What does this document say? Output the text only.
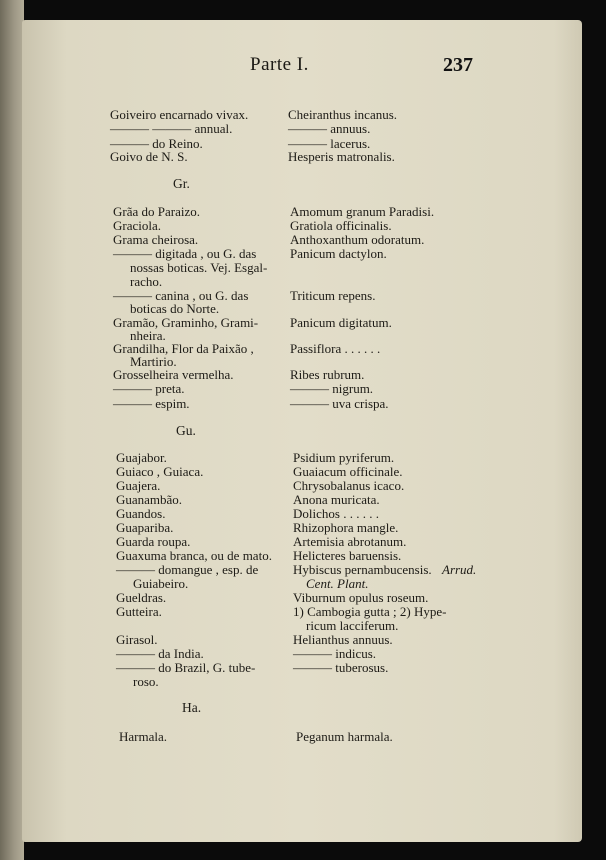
Parte I.	237
Goiveiro encarnado vivax.
——— ——— annual.
——— do Reino.
Goivo de N. S.
Gr.
Grãa do Paraizo.
Graciola.
Grama cheirosa.
——— digitada , ou G. das
nossas boticas. Vej. Esgal-
racho.
——— canina , ou G. das
boticas do Norte.
Gramão, Graminho, Grami-
nheira.
Grandilha, Flor da Paixão ,
Martirio.
Grosselheira vermelha.
——— preta.
——— espim.
Gu.
Guajabor.
Guiaco , Guiaca.
Guajera.
Guanambão.
Guandos.
Guapariba.
Guarda roupa.
Guaxuma branca, ou de mato.
——— domangue , esp. de
Guiabeiro.
Gueldras.
Gutteira.
Girasol.
——— da India.
——— do Brazil, G. tube-
roso.
Ha.
Harmala.
Cheiranthus incanus.
——— annuus.
——— lacerus.
Hesperis matronalis.
Amomum granum Paradisi.
Gratiola officinalis.
Anthoxanthum odoratum.
Panicum dactylon.
Triticum repens.
Panicum digitatum.
Passiflora . . . . . .
Ribes rubrum.
——— nigrum.
——— uva crispa.
Psidium pyriferum.
Guaiacum officinale.
Chrysobalanus icaco.
Anona muricata.
Dolichos . . . . . .
Rhizophora mangle.
Artemisia abrotanum.
Helicteres baruensis.
Hybiscus pernambucensis. Arrud.
Cent. Plant.
Viburnum opulus roseum.
1) Cambogia gutta ; 2) Hype-
ricum lacciferum.
Helianthus annuus.
——— indicus.
——— tuberosus.
Peganum harmala.
